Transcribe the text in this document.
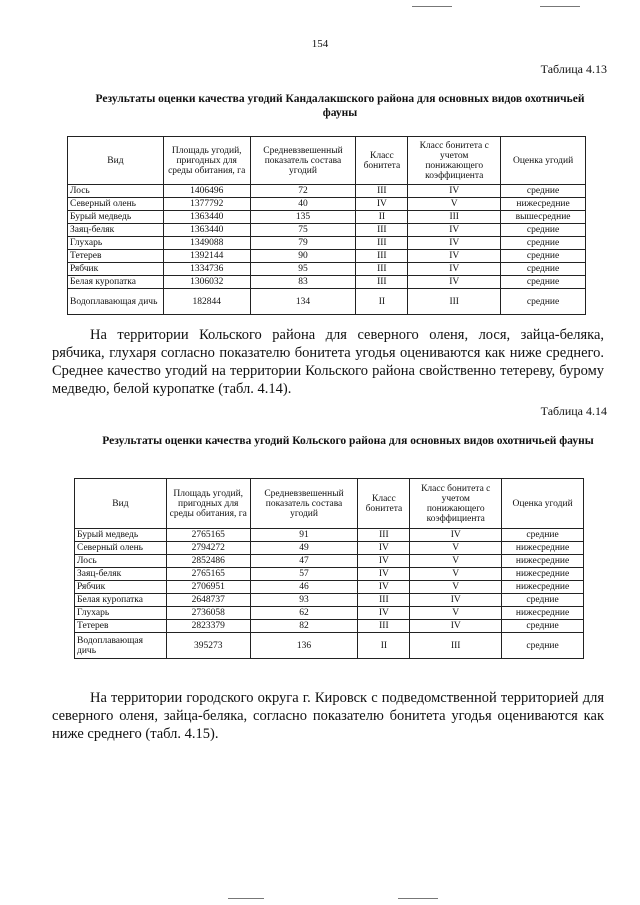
154
Таблица 4.13
Результаты оценки качества угодий Кандалакшского района для основных видов охотничьей фауны
Вид	Площадь угодий, пригодных для среды обитания, га	Средневзвешенный показатель состава угодий	Класс бонитета	Класс бонитета с учетом понижающего коэффициента	Оценка угодий
Лось	1406496	72	III	IV	средние
Северный олень	1377792	40	IV	V	нижесредние
Бурый медведь	1363440	135	II	III	вышесредние
Заяц-беляк	1363440	75	III	IV	средние
Глухарь	1349088	79	III	IV	средние
Тетерев	1392144	90	III	IV	средние
Рябчик	1334736	95	III	IV	средние
Белая куропатка	1306032	83	III	IV	средние
Водоплавающая дичь	182844	134	II	III	средние
На территории Кольского района для северного оленя, лося, зайца-беляка, рябчика, глухаря согласно показателю бонитета угодья оцениваются как ниже среднего. Среднее качество угодий на территории Кольского района свойственно тетереву, бурому медведю, белой куропатке (табл. 4.14).
Таблица 4.14
Результаты оценки качества угодий Кольского района для основных видов охотничьей фауны
Вид	Площадь угодий, пригодных для среды обитания, га	Средневзвешенный показатель состава угодий	Класс бонитета	Класс бонитета с учетом понижающего коэффициента	Оценка угодий
Бурый медведь	2765165	91	III	IV	средние
Северный олень	2794272	49	IV	V	нижесредние
Лось	2852486	47	IV	V	нижесредние
Заяц-беляк	2765165	57	IV	V	нижесредние
Рябчик	2706951	46	IV	V	нижесредние
Белая куропатка	2648737	93	III	IV	средние
Глухарь	2736058	62	IV	V	нижесредние
Тетерев	2823379	82	III	IV	средние
Водоплавающая дичь	395273	136	II	III	средние
На территории городского округа г. Кировск с подведомственной территорией для северного оленя, зайца-беляка, согласно показателю бонитета угодья оцениваются как ниже среднего (табл. 4.15).
